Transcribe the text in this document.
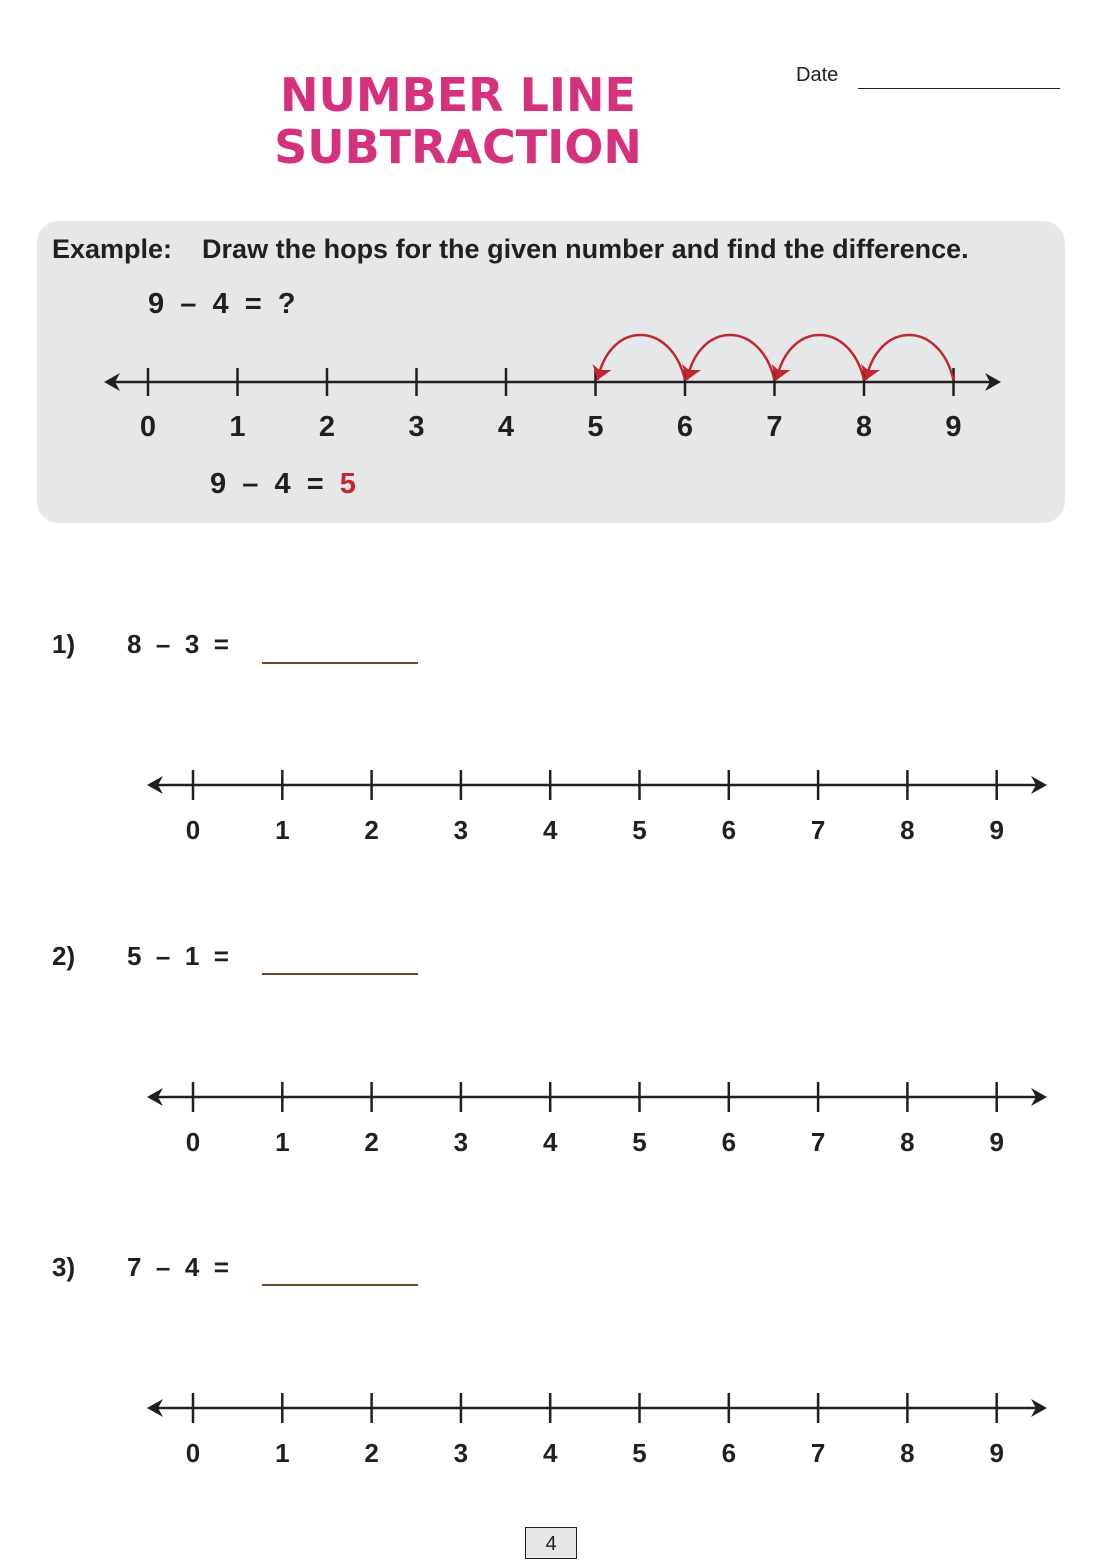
NUMBER LINE
SUBTRACTION
Date
Example:    Draw the hops for the given number and find the difference.
9  –  4  =  ?
0	1	2	3	4	5	6	7	8	9
9  –  4  =  5
1) 8  –  3  =
0	1	2	3	4	5	6	7	8	9
2) 5  –  1  =
0	1	2	3	4	5	6	7	8	9
3) 7  –  4  =
0	1	2	3	4	5	6	7	8	9
4
